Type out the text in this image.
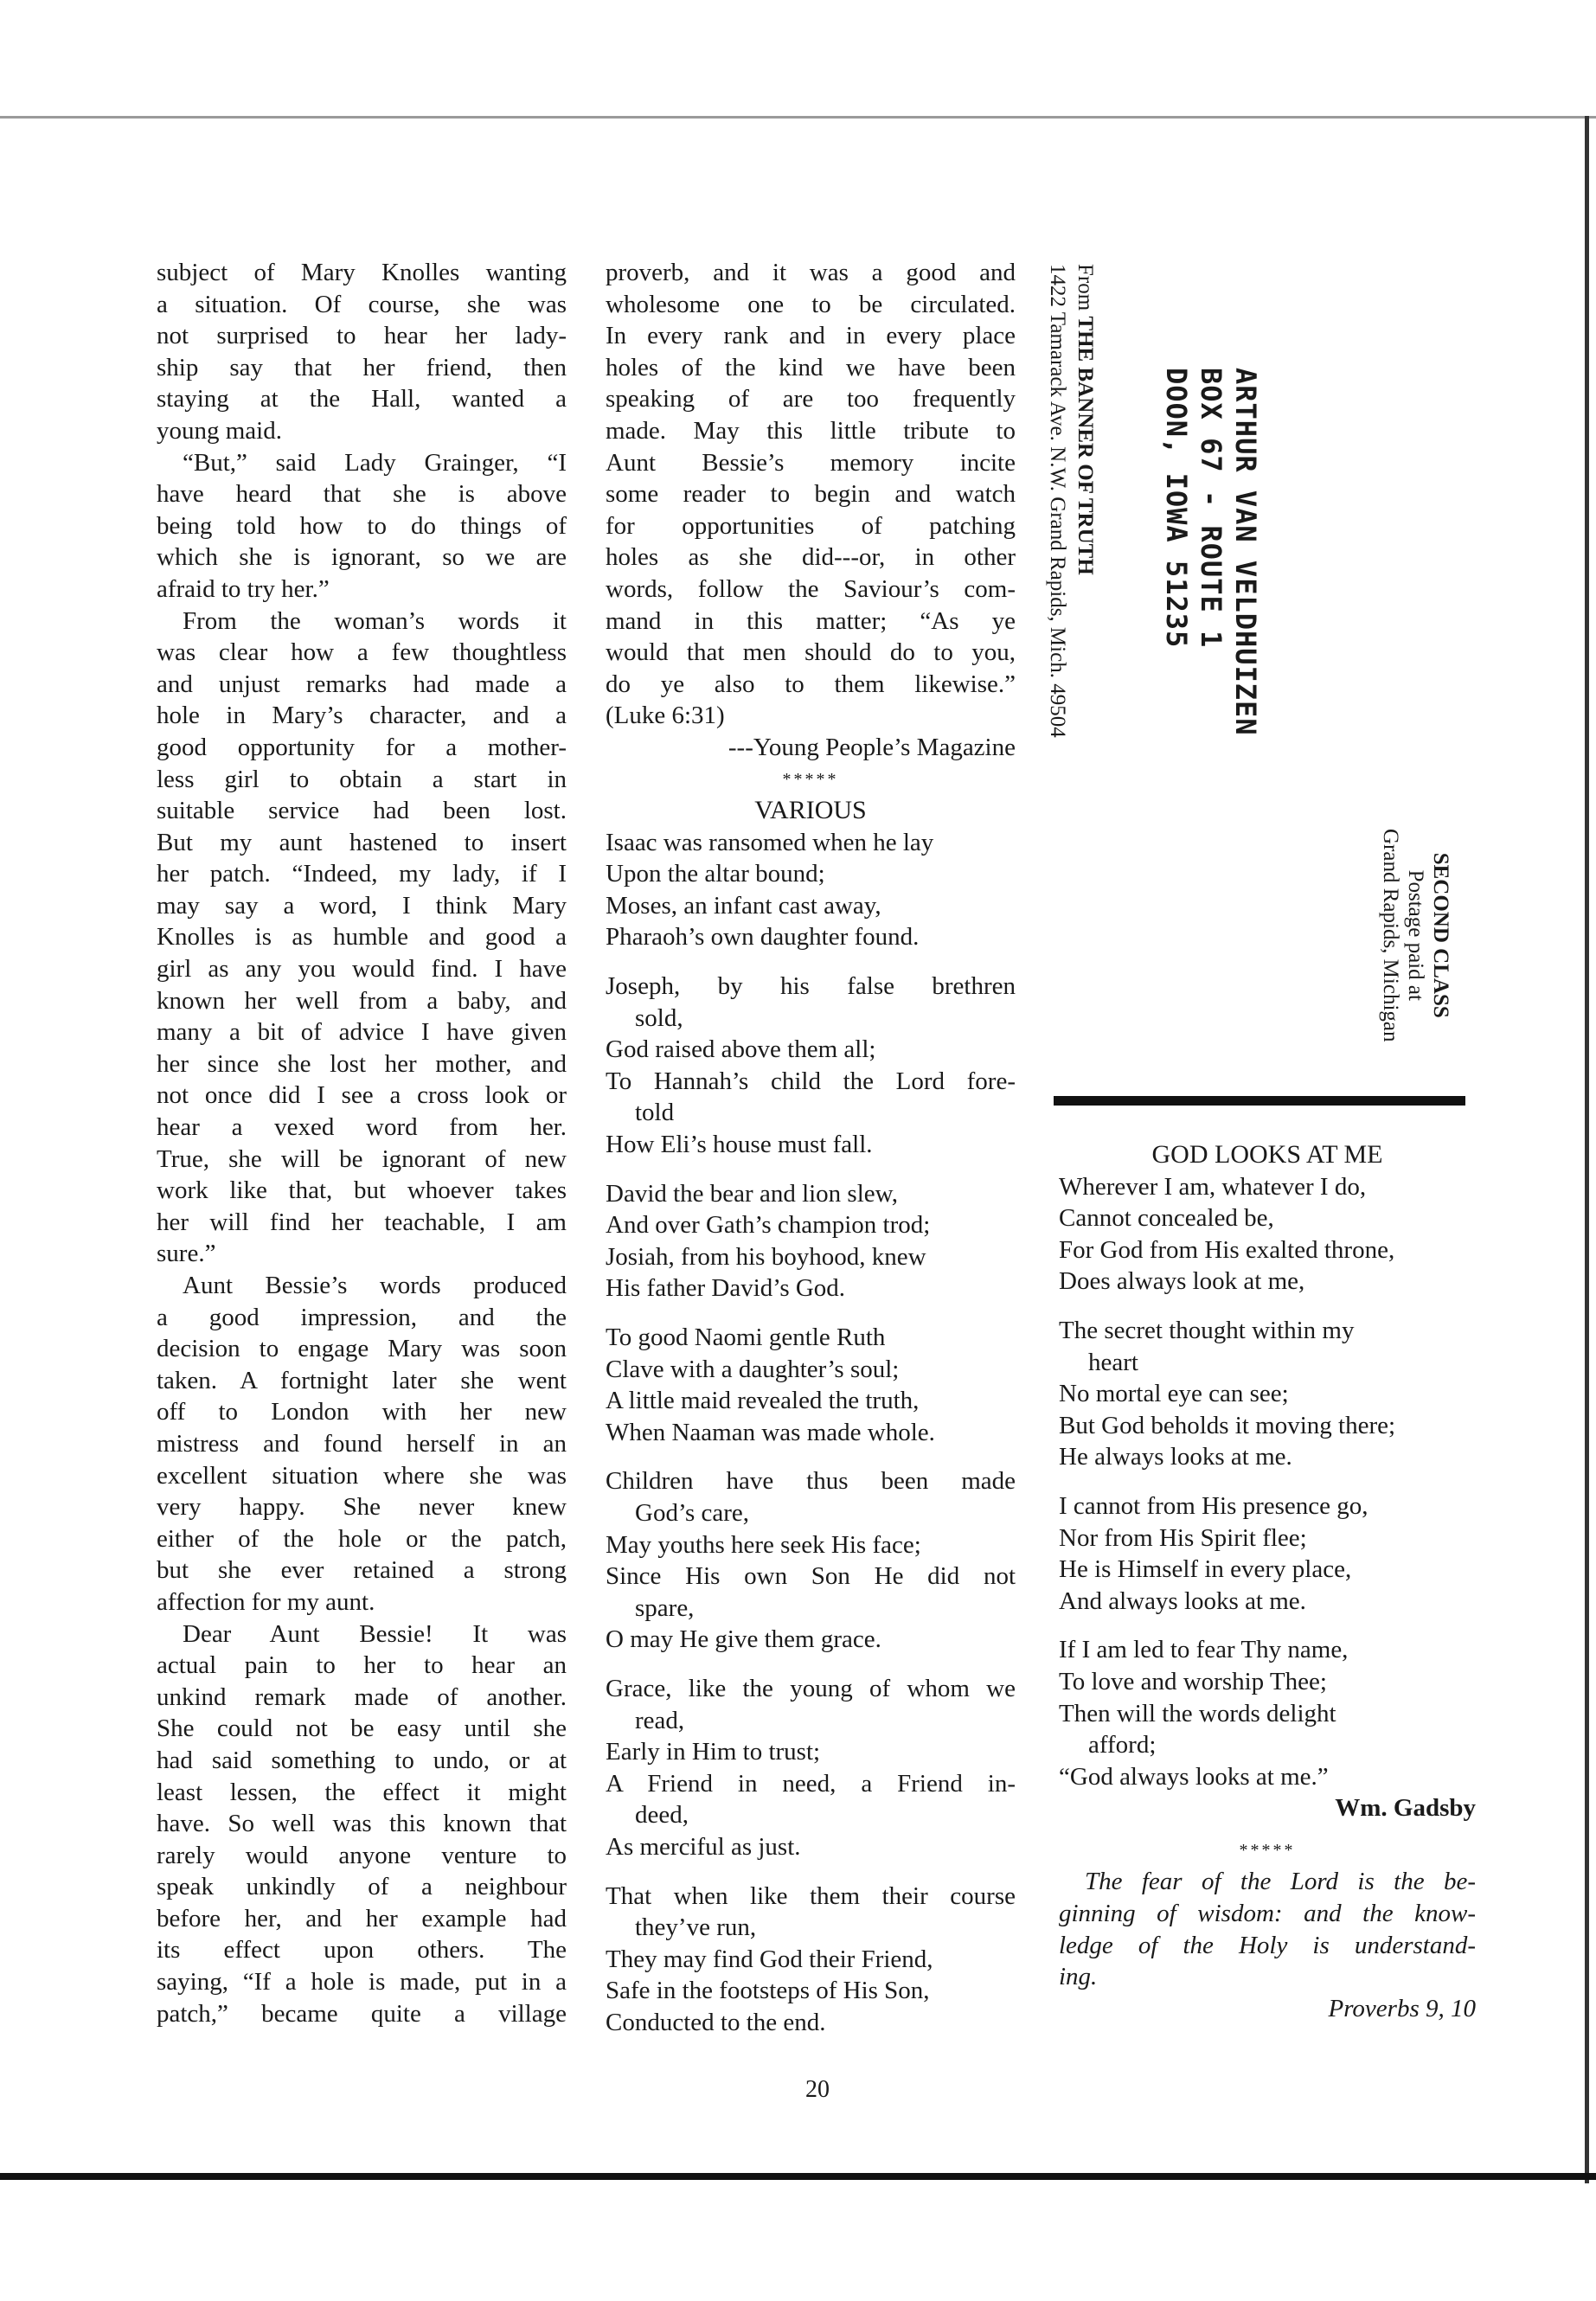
subject of Mary Knolles wanting
a situation. Of course, she was
not surprised to hear her lady-
ship say that her friend, then
staying at the Hall, wanted a
young maid.
“But,” said Lady Grainger, “I
have heard that she is above
being told how to do things of
which she is ignorant, so we are
afraid to try her.”
From the woman’s words it
was clear how a few thoughtless
and unjust remarks had made a
hole in Mary’s character, and a
good opportunity for a mother-
less girl to obtain a start in
suitable service had been lost.
But my aunt hastened to insert
her patch. “Indeed, my lady, if I
may say a word, I think Mary
Knolles is as humble and good a
girl as any you would find. I have
known her well from a baby, and
many a bit of advice I have given
her since she lost her mother, and
not once did I see a cross look or
hear a vexed word from her.
True, she will be ignorant of new
work like that, but whoever takes
her will find her teachable, I am
sure.”
Aunt Bessie’s words produced
a good impression, and the
decision to engage Mary was soon
taken. A fortnight later she went
off to London with her new
mistress and found herself in an
excellent situation where she was
very happy. She never knew
either of the hole or the patch,
but she ever retained a strong
affection for my aunt.
Dear Aunt Bessie! It was
actual pain to her to hear an
unkind remark made of another.
She could not be easy until she
had said something to undo, or at
least lessen, the effect it might
have. So well was this known that
rarely would anyone venture to
speak unkindly of a neighbour
before her, and her example had
its effect upon others. The
saying, “If a hole is made, put in a
patch,” became quite a village
proverb, and it was a good and
wholesome one to be circulated.
In every rank and in every place
holes of the kind we have been
speaking of are too frequently
made. May this little tribute to
Aunt Bessie’s memory incite
some reader to begin and watch
for opportunities of patching
holes as she did---or, in other
words, follow the Saviour’s com-
mand in this matter; “As ye
would that men should do to you,
do ye also to them likewise.”
(Luke 6:31)
---Young People’s Magazine
*****
VARIOUS
Isaac was ransomed when he lay
Upon the altar bound;
Moses, an infant cast away,
Pharaoh’s own daughter found.
Joseph, by his false brethren
sold,
God raised above them all;
To Hannah’s child the Lord fore-
told
How Eli’s house must fall.
David the bear and lion slew,
And over Gath’s champion trod;
Josiah, from his boyhood, knew
His father David’s God.
To good Naomi gentle Ruth
Clave with a daughter’s soul;
A little maid revealed the truth,
When Naaman was made whole.
Children have thus been made
God’s care,
May youths here seek His face;
Since His own Son He did not
spare,
O may He give them grace.
Grace, like the young of whom we
read,
Early in Him to trust;
A Friend in need, a Friend in-
deed,
As merciful as just.
That when like them their course
they’ve run,
They may find God their Friend,
Safe in the footsteps of His Son,
Conducted to the end.
From THE BANNER OF TRUTH
1422 Tamarack Ave. N.W. Grand Rapids, Mich. 49504	ARTHUR VAN VELDHUIZEN
BOX 67 - ROUTE 1
DOON, IOWA 51235
SECOND CLASS
Postage paid at
Grand Rapids, Michigan
GOD LOOKS AT ME
Wherever I am, whatever I do,
Cannot concealed be,
For God from His exalted throne,
Does always look at me,
The secret thought within my
heart
No mortal eye can see;
But God beholds it moving there;
He always looks at me.
I cannot from His presence go,
Nor from His Spirit flee;
He is Himself in every place,
And always looks at me.
If I am led to fear Thy name,
To love and worship Thee;
Then will the words delight
afford;
“God always looks at me.”
Wm. Gadsby
*****
The fear of the Lord is the be-
ginning of wisdom: and the know-
ledge of the Holy is understand-
ing.
Proverbs 9, 10
20
